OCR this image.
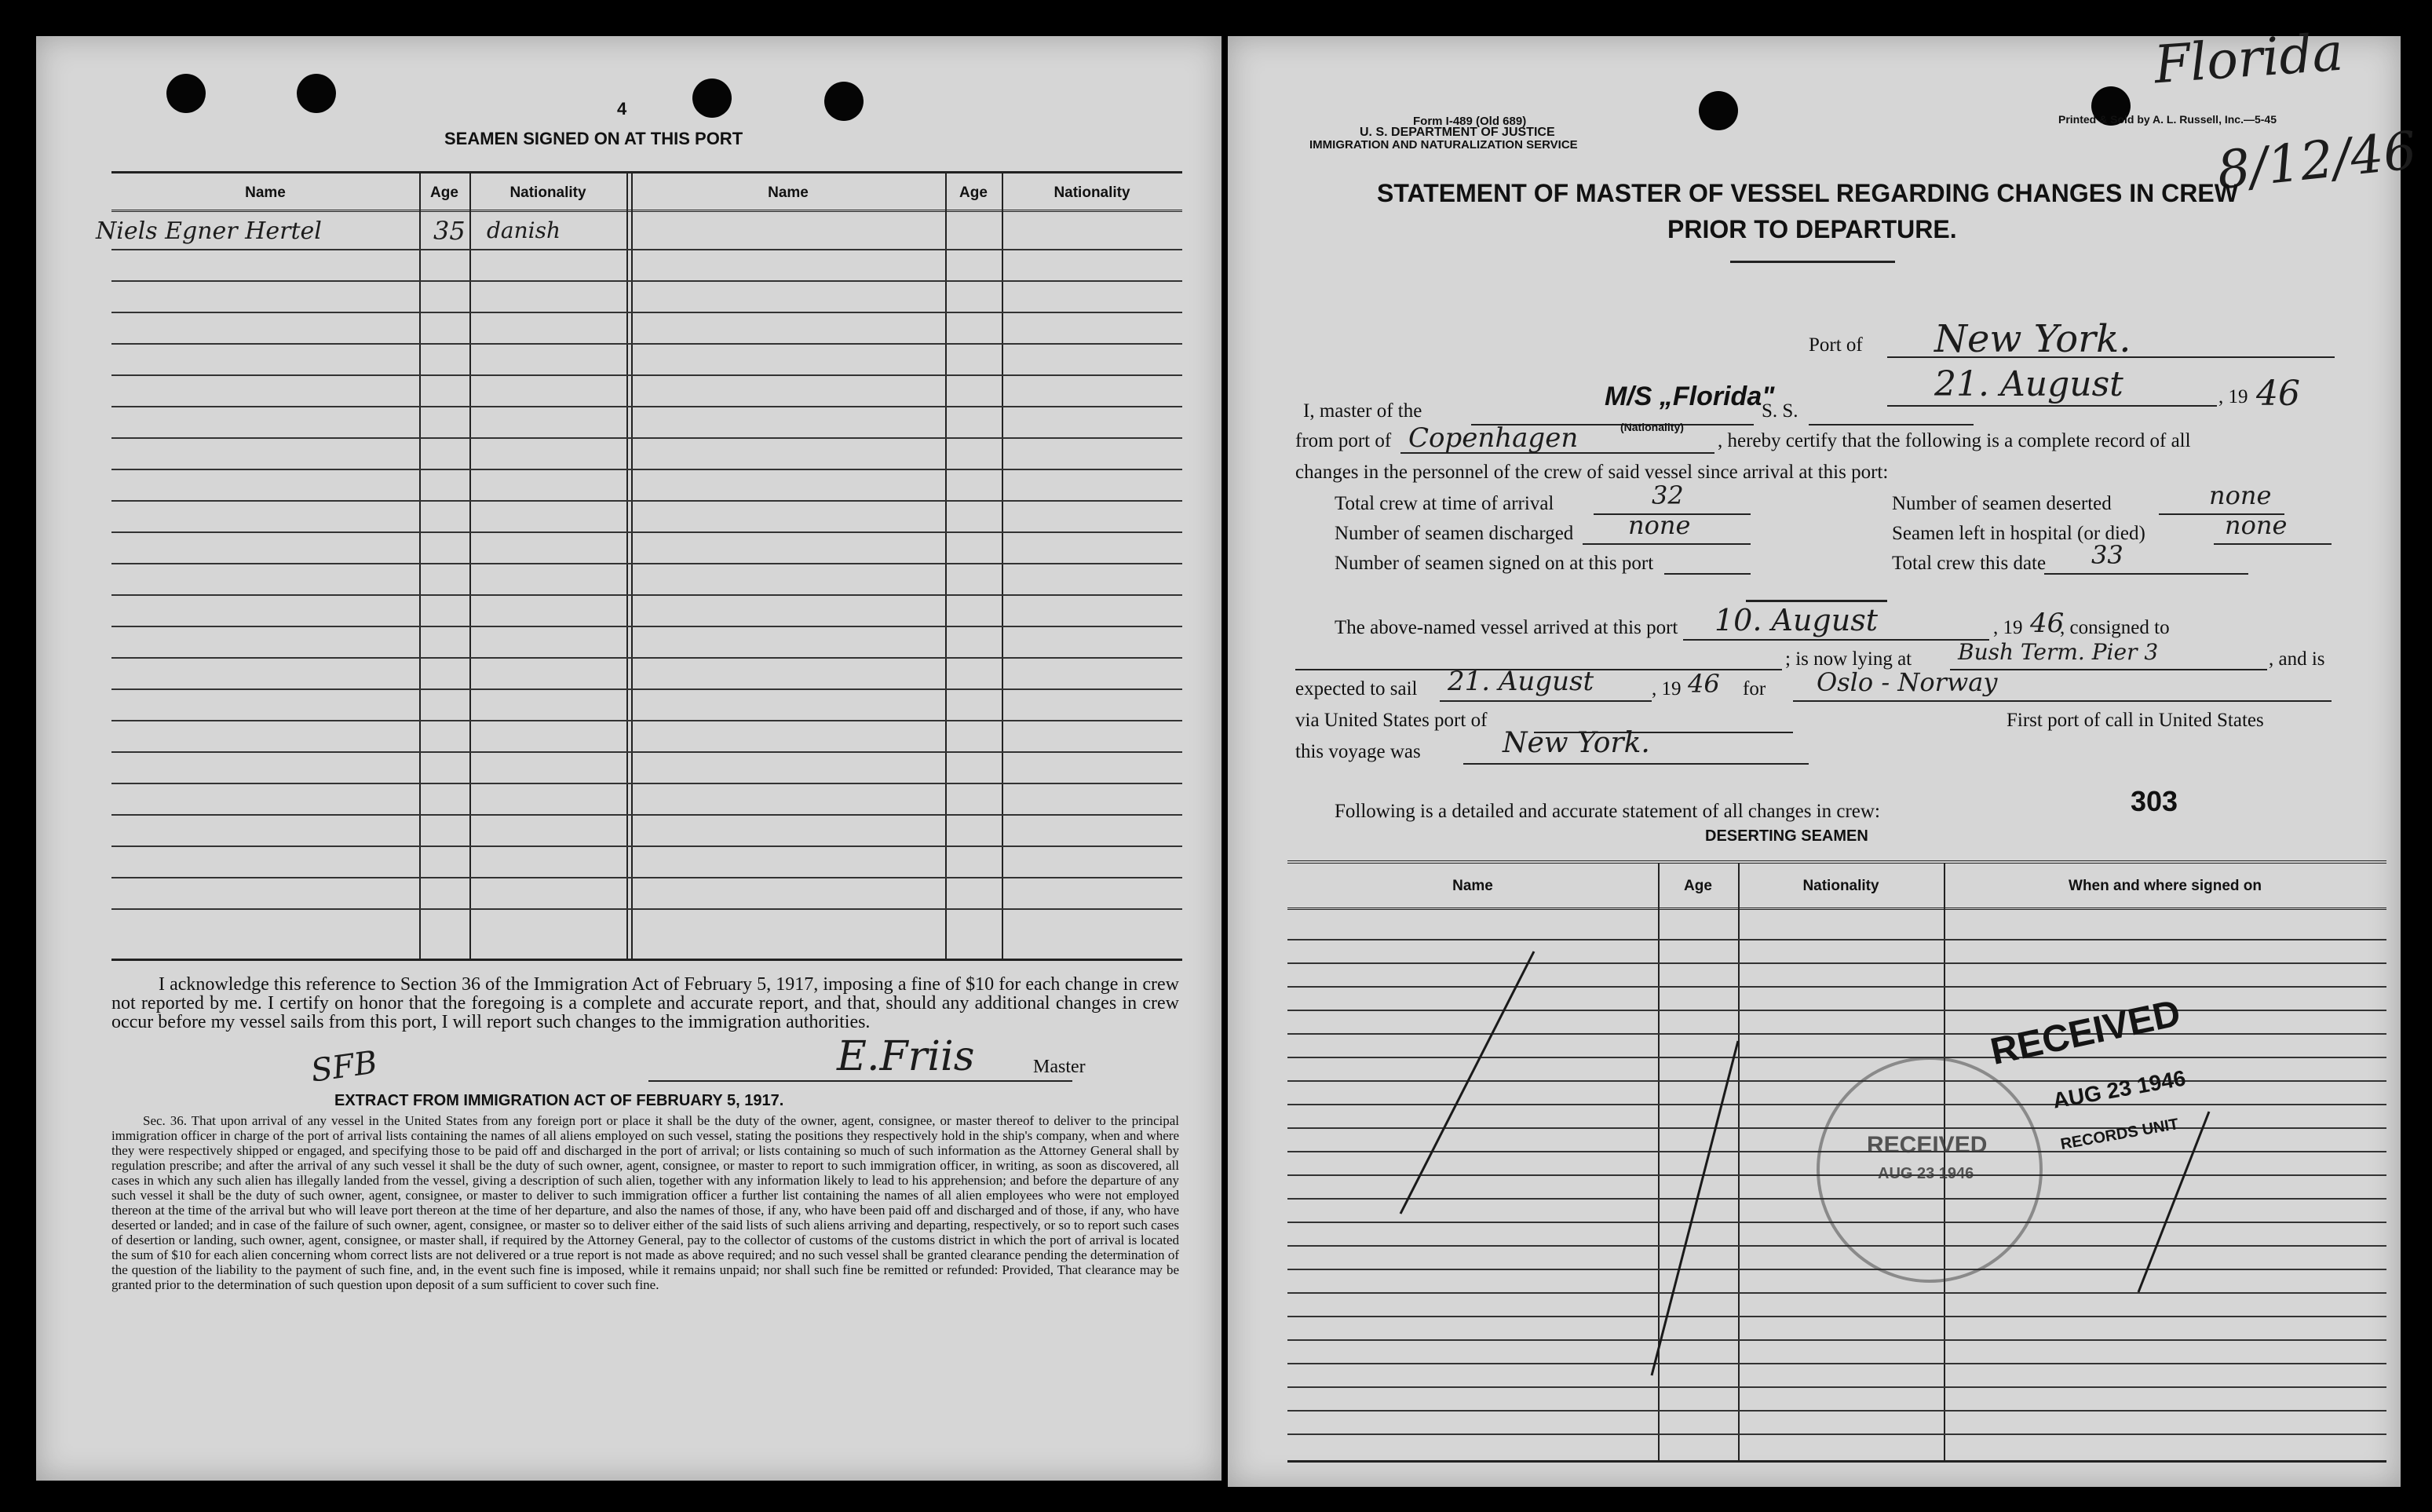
4
SEAMEN SIGNED ON AT THIS PORT
Name	Age	Nationality	Name	Age	Nationality
Niels Egner Hertel	35 danish
I acknowledge this reference to Section 36 of the Immigration Act of February 5, 1917, imposing a fine of $10 for each change in crew not reported by me. I certify on honor that the foregoing is a complete and accurate report, and that, should any additional changes in crew occur before my vessel sails from this port, I will report such changes to the immigration authorities.
SFB	E.Friis	Master
EXTRACT FROM IMMIGRATION ACT OF FEBRUARY 5, 1917.
Sec. 36. That upon arrival of any vessel in the United States from any foreign port or place it shall be the duty of the owner, agent, consignee, or master thereof to deliver to the principal immigration officer in charge of the port of arrival lists containing the names of all aliens employed on such vessel, stating the positions they respectively hold in the ship's company, when and where they were respectively shipped or engaged, and specifying those to be paid off and discharged in the port of arrival; or lists containing so much of such information as the Attorney General shall by regulation prescribe; and after the arrival of any such vessel it shall be the duty of such owner, agent, consignee, or master to report to such immigration officer, in writing, as soon as discovered, all cases in which any such alien has illegally landed from the vessel, giving a description of such alien, together with any information likely to lead to his apprehension; and before the departure of any such vessel it shall be the duty of such owner, agent, consignee, or master to deliver to such immigration officer a further list containing the names of all alien employees who were not employed thereon at the time of the arrival but who will leave port thereon at the time of her departure, and also the names of those, if any, who have been paid off and discharged and of those, if any, who have deserted or landed; and in case of the failure of such owner, agent, consignee, or master so to deliver either of the said lists of such aliens arriving and departing, respectively, or so to report such cases of desertion or landing, such owner, agent, consignee, or master shall, if required by the Attorney General, pay to the collector of customs of the customs district in which the port of arrival is located the sum of $10 for each alien concerning whom correct lists are not delivered or a true report is not made as above required; and no such vessel shall be granted clearance pending the determination of the question of the liability to the payment of such fine, and, in the event such fine is imposed, while it remains unpaid; nor shall such fine be remitted or refunded: Provided, That clearance may be granted prior to the determination of such question upon deposit of a sum sufficient to cover such fine.
Florida
8/12/46
Form I-489 (Old 689)
U. S. DEPARTMENT OF JUSTICE
IMMIGRATION AND NATURALIZATION SERVICE
Printed & Sold by A. L. Russell, Inc.—5-45
STATEMENT OF MASTER OF VESSEL REGARDING CHANGES IN CREW
PRIOR TO DEPARTURE.
Port of New York.
21. August	, 19 46
I, master of the	M/S „Florida"
(Nationality)
S. S.
from port of Copenhagen	, hereby certify that the following is a complete record of all
changes in the personnel of the crew of said vessel since arrival at this port:
Total crew at time of arrival	32
Number of seamen discharged none
Number of seamen signed on at this port
Number of seamen deserted	none
Seamen left in hospital (or died)	none
Total crew this date 33
The above-named vessel arrived at this port 10. August	, 19 46
, consigned to
; is now lying at Bush Term. Pier 3	, and is
expected to sail 21. August	, 19 46 for Oslo - Norway
via United States port of	First port of call in United States
this voyage was	New York.
Following is a detailed and accurate statement of all changes in crew:	303
DESERTING SEAMEN
Name	Age	Nationality	When and where signed on
RECEIVED
AUG 23 1946
RECORDS UNIT
RECEIVED
AUG 23 1946
